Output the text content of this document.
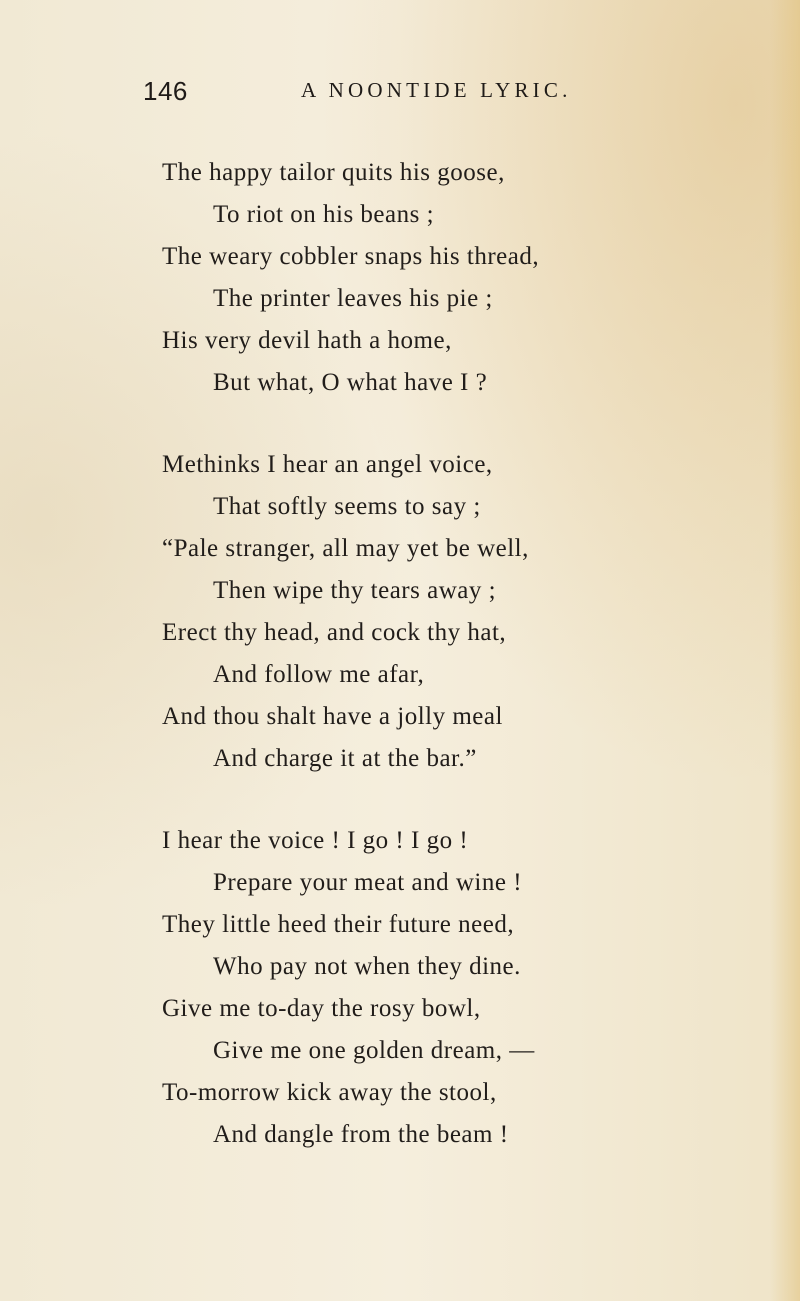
146	A NOONTIDE LYRIC.
The happy tailor quits his goose,
To riot on his beans ;
The weary cobbler snaps his thread,
The printer leaves his pie ;
His very devil hath a home,
But what, O what have I ?
Methinks I hear an angel voice,
That softly seems to say ;
“Pale stranger, all may yet be well,
Then wipe thy tears away ;
Erect thy head, and cock thy hat,
And follow me afar,
And thou shalt have a jolly meal
And charge it at the bar.”
I hear the voice ! I go ! I go !
Prepare your meat and wine !
They little heed their future need,
Who pay not when they dine.
Give me to-day the rosy bowl,
Give me one golden dream, —
To-morrow kick away the stool,
And dangle from the beam !
